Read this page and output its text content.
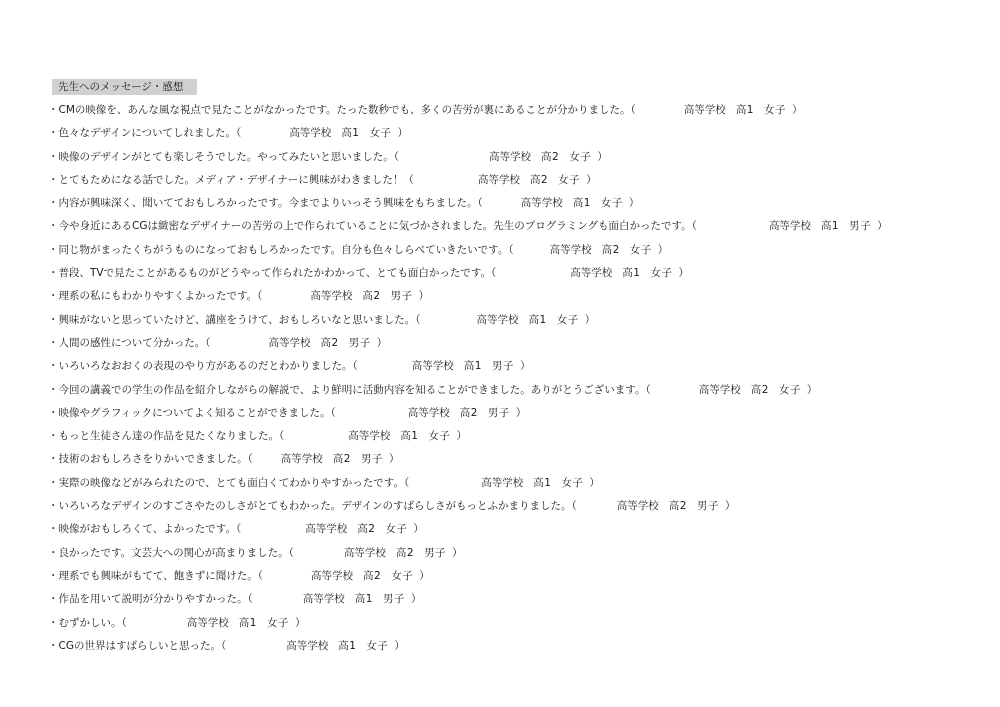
先生へのメッセージ・感想
・CMの映像を、あんな風な視点で見たことがなかったです。たった数秒でも、多くの苦労が裏にあることが分かりました。（	高等学校 高1 女子 ）
・色々なデザインについてしれました。（	高等学校 高1 女子 ）
・映像のデザインがとても楽しそうでした。やってみたいと思いました。（	高等学校 高2 女子 ）
・とてもためになる話でした。メディア・デザイナーに興味がわきました！（	高等学校 高2 女子 ）
・内容が興味深く、聞いてておもしろかったです。今までよりいっそう興味をもちました。（	高等学校 高1 女子 ）
・今や身近にあるCGは緻密なデザイナーの苦労の上で作られていることに気づかされました。先生のプログラミングも面白かったです。（	高等学校 高1 男子 ）
・同じ物がまったくちがうものになっておもしろかったです。自分も色々しらべていきたいです。（	高等学校 高2 女子 ）
・普段、TVで見たことがあるものがどうやって作られたかわかって、とても面白かったです。（	高等学校 高1 女子 ）
・理系の私にもわかりやすくよかったです。（	高等学校 高2 男子 ）
・興味がないと思っていたけど、講座をうけて、おもしろいなと思いました。（	高等学校 高1 女子 ）
・人間の感性について分かった。（	高等学校 高2 男子 ）
・いろいろなおおくの表現のやり方があるのだとわかりました。（	高等学校 高1 男子 ）
・今回の講義での学生の作品を紹介しながらの解説で、より鮮明に活動内容を知ることができました。ありがとうございます。（	高等学校 高2 女子 ）
・映像やグラフィックについてよく知ることができました。（	高等学校 高2 男子 ）
・もっと生徒さん達の作品を見たくなりました。（	高等学校 高1 女子 ）
・技術のおもしろさをりかいできました。（	高等学校 高2 男子 ）
・実際の映像などがみられたので、とても面白くてわかりやすかったです。（	高等学校 高1 女子 ）
・いろいろなデザインのすごさやたのしさがとてもわかった。デザインのすばらしさがもっとふかまりました。（	高等学校 高2 男子 ）
・映像がおもしろくて、よかったです。（	高等学校 高2 女子 ）
・良かったです。文芸大への関心が高まりました。（	高等学校 高2 男子 ）
・理系でも興味がもてて、飽きずに聞けた。（	高等学校 高2 女子 ）
・作品を用いて説明が分かりやすかった。（	高等学校 高1 男子 ）
・むずかしい。（	高等学校 高1 女子 ）
・CGの世界はすばらしいと思った。（	高等学校 高1 女子 ）
